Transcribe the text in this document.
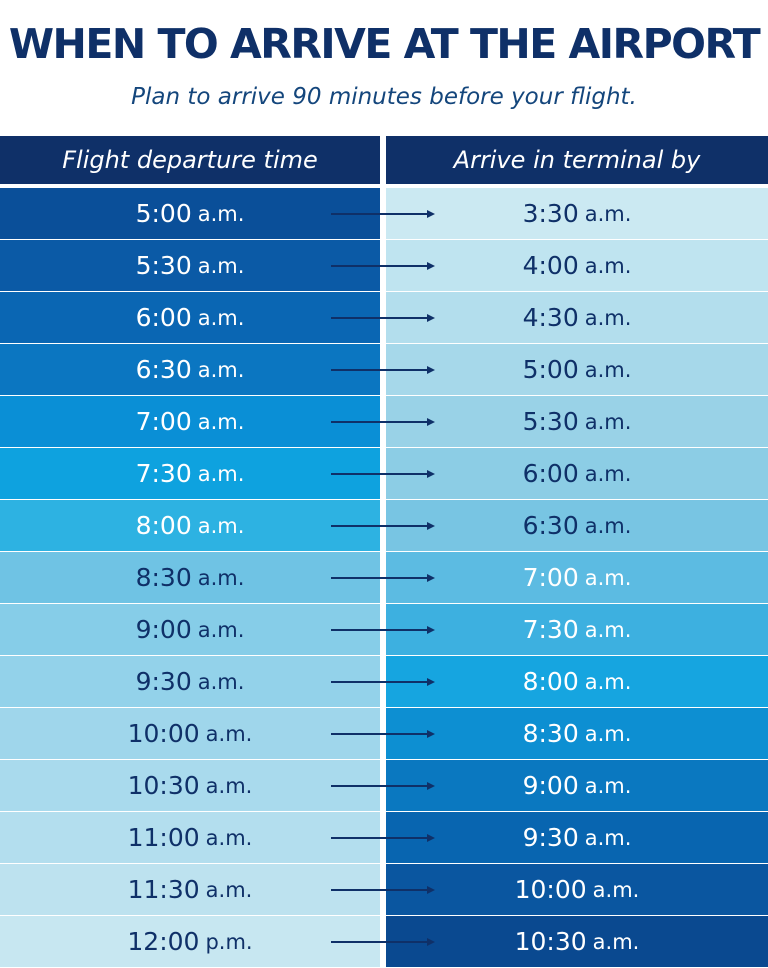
WHEN TO ARRIVE AT THE AIRPORT

Plan to arrive 90 minutes before your flight.

Flight departure time	Arrive in terminal by
5:00 a.m.	3:30 a.m.
5:30 a.m.	4:00 a.m.
6:00 a.m.	4:30 a.m.
6:30 a.m.	5:00 a.m.
7:00 a.m.	5:30 a.m.
7:30 a.m.	6:00 a.m.
8:00 a.m.	6:30 a.m.
8:30 a.m.	7:00 a.m.
9:00 a.m.	7:30 a.m.
9:30 a.m.	8:00 a.m.
10:00 a.m.	8:30 a.m.
10:30 a.m.	9:00 a.m.
11:00 a.m.	9:30 a.m.
11:30 a.m.	10:00 a.m.
12:00 p.m.	10:30 a.m.
